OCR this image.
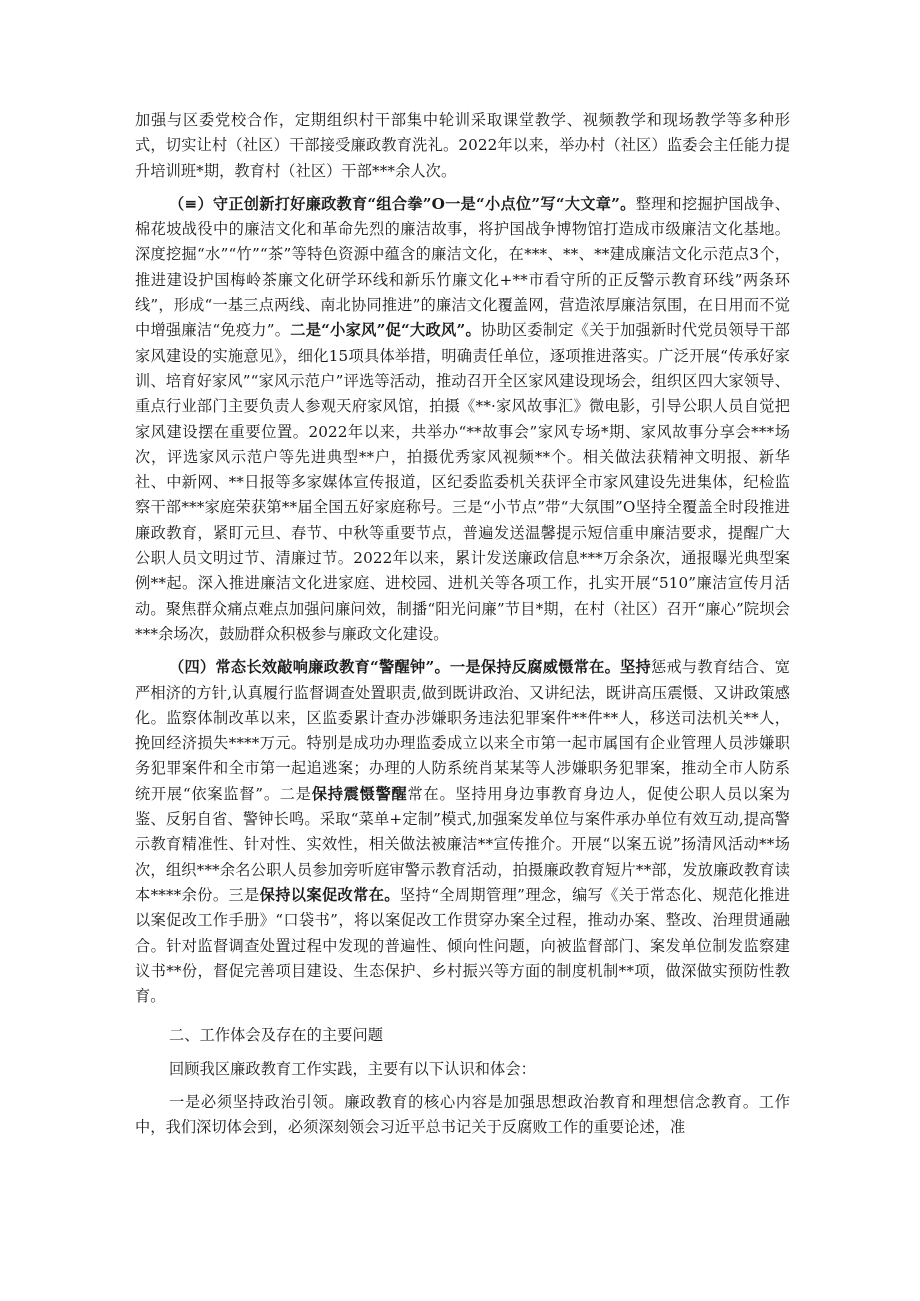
加强与区委党校合作，定期组织村干部集中轮训采取课堂教学、视频教学和现场教学等多种形式，切实让村（社区）干部接受廉政教育洗礼。2022年以来，举办村（社区）监委会主任能力提升培训班*期，教育村（社区）干部***余人次。

（≡）守正创新打好廉政教育“组合拳”O一是“小点位”写“大文章”。整理和挖掘护国战争、棉花坡战役中的廉洁文化和革命先烈的廉洁故事，将护国战争博物馆打造成市级廉洁文化基地。深度挖掘“水”“竹”“茶”等特色资源中蕴含的廉洁文化，在***、**、**建成廉洁文化示范点3个，推进建设护国梅岭茶廉文化研学环线和新乐竹廉文化+**市看守所的正反警示教育环线”两条环线”，形成“一基三点两线、南北协同推进”的廉洁文化覆盖网，营造浓厚廉洁氛围，在日用而不觉中增强廉洁“免疫力”。二是“小家风”促“大政风”。协助区委制定《关于加强新时代党员领导干部家风建设的实施意见》，细化15项具体举措，明确责任单位，逐项推进落实。广泛开展“传承好家训、培育好家风”“家风示范户”评选等活动，推动召开全区家风建设现场会，组织区四大家领导、重点行业部门主要负责人参观天府家风馆，拍摄《**·家风故事汇》微电影，引导公职人员自觉把家风建设摆在重要位置。2022年以来，共举办“**故事会”家风专场*期、家风故事分享会***场次，评选家风示范户等先进典型**户，拍摄优秀家风视频**个。相关做法获精神文明报、新华社、中新网、**日报等多家媒体宣传报道，区纪委监委机关获评全市家风建设先进集体，纪检监察干部***家庭荣获第**届全国五好家庭称号。三是“小节点”带“大氛围”O坚持全覆盖全时段推进廉政教育，紧盯元旦、春节、中秋等重要节点，普遍发送温馨提示短信重申廉洁要求，提醒广大公职人员文明过节、清廉过节。2022年以来，累计发送廉政信息***万余条次，通报曝光典型案例**起。深入推进廉洁文化进家庭、进校园、进机关等各项工作，扎实开展“510”廉洁宣传月活动。聚焦群众痛点难点加强问廉问效，制播“阳光问廉”节目*期，在村（社区）召开“廉心”院坝会***余场次，鼓励群众积极参与廉政文化建设。

（四）常态长效敲响廉政教育“警醒钟”。一是保持反腐威慑常在。坚持惩戒与教育结合、宽严相济的方针,认真履行监督调查处置职责,做到既讲政治、又讲纪法，既讲高压震慑、又讲政策感化。监察体制改革以来，区监委累计查办涉嫌职务违法犯罪案件**件**人，移送司法机关**人，挽回经济损失****万元。特别是成功办理监委成立以来全市第一起市属国有企业管理人员涉嫌职务犯罪案件和全市第一起追逃案；办理的人防系统肖某某等人涉嫌职务犯罪案，推动全市人防系统开展“依案监督”。二是保持震慑警醒常在。坚持用身边事教育身边人，促使公职人员以案为鉴、反躬自省、警钟长鸣。采取“菜单+定制”模式,加强案发单位与案件承办单位有效互动,提高警示教育精准性、针对性、实效性，相关做法被廉洁**宣传推介。开展“以案五说”扬清风活动**场次，组织***余名公职人员参加旁听庭审警示教育活动，拍摄廉政教育短片**部，发放廉政教育读本****余份。三是保持以案促改常在。坚持“全周期管理”理念，编写《关于常态化、规范化推进以案促改工作手册》“口袋书”，将以案促改工作贯穿办案全过程，推动办案、整改、治理贯通融合。针对监督调查处置过程中发现的普遍性、倾向性问题，向被监督部门、案发单位制发监察建议书**份，督促完善项目建设、生态保护、乡村振兴等方面的制度机制**项，做深做实预防性教育。

二、工作体会及存在的主要问题

回顾我区廉政教育工作实践，主要有以下认识和体会：

一是必须坚持政治引领。廉政教育的核心内容是加强思想政治教育和理想信念教育。工作中，我们深切体会到，必须深刻领会习近平总书记关于反腐败工作的重要论述，准
